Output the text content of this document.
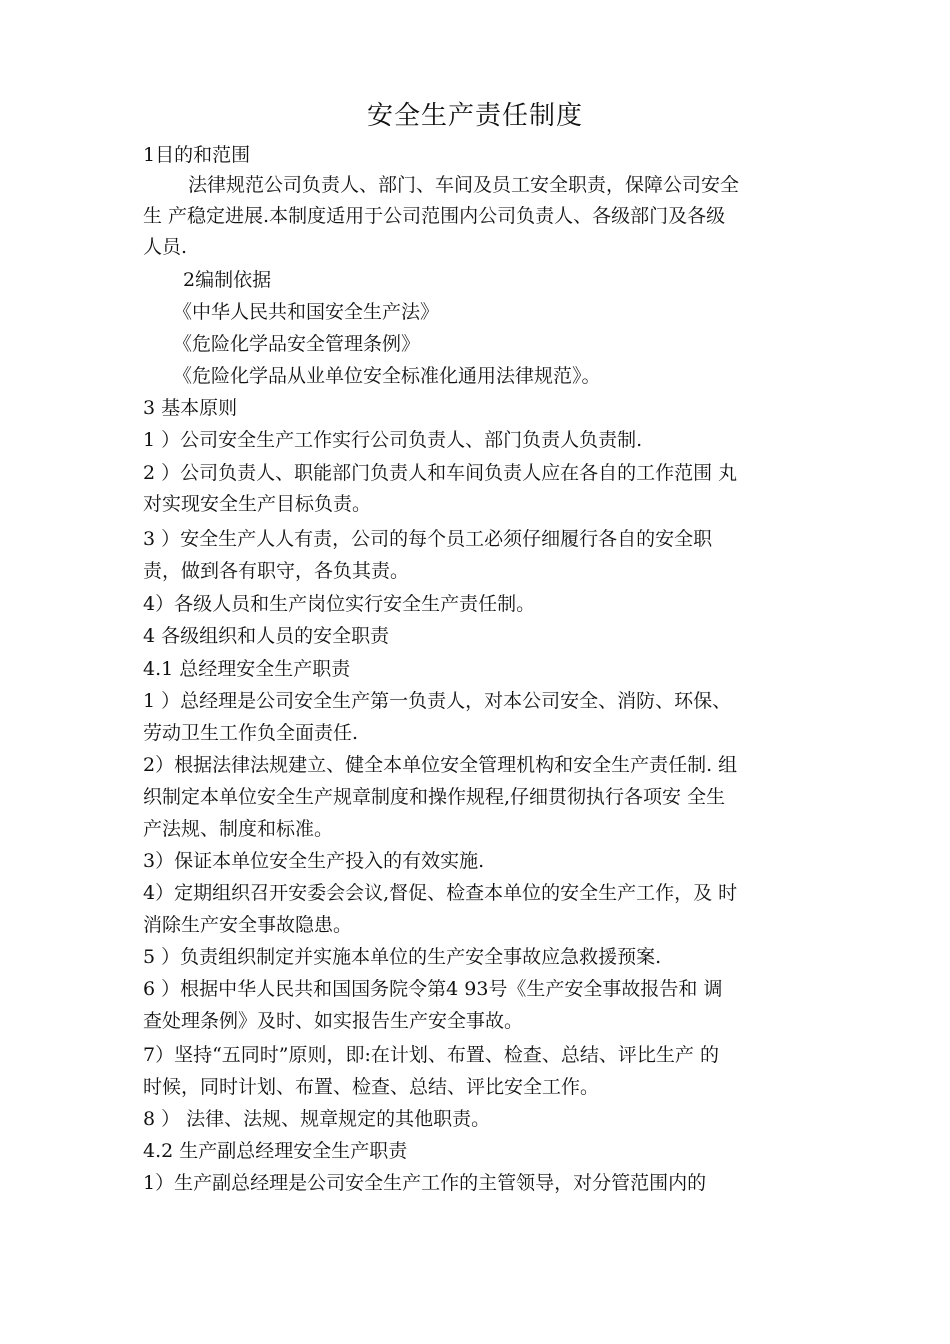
安全生产责任制度
1目的和范围
法律规范公司负责人、部门、车间及员工安全职责，保障公司安全
生 产稳定进展.本制度适用于公司范围内公司负责人、各级部门及各级
人员.
2编制依据
《中华人民共和国安全生产法》
《危险化学品安全管理条例》
《危险化学品从业单位安全标准化通用法律规范》。
3 基本原则
1 ）公司安全生产工作实行公司负责人、部门负责人负责制.
2 ）公司负责人、职能部门负责人和车间负责人应在各自的工作范围 丸
对实现安全生产目标负责。
3 ）安全生产人人有责，公司的每个员工必须仔细履行各自的安全职
责，做到各有职守，各负其责。
4）各级人员和生产岗位实行安全生产责任制。
4 各级组织和人员的安全职责
4.1 总经理安全生产职责
1 ）总经理是公司安全生产第一负责人，对本公司安全、消防、环保、
劳动卫生工作负全面责任.
2）根据法律法规建立、健全本单位安全管理机构和安全生产责任制. 组
织制定本单位安全生产规章制度和操作规程,仔细贯彻执行各项安 全生
产法规、制度和标准。
3）保证本单位安全生产投入的有效实施.
4）定期组织召开安委会会议,督促、检查本单位的安全生产工作，及 时
消除生产安全事故隐患。
5 ）负责组织制定并实施本单位的生产安全事故应急救援预案.
6 ）根据中华人民共和国国务院令第4 93号《生产安全事故报告和 调
查处理条例》及时、如实报告生产安全事故。
7）坚持“五同时”原则，即:在计划、布置、检查、总结、评比生产 的
时候，同时计划、布置、检查、总结、评比安全工作。
8 ） 法律、法规、规章规定的其他职责。
4.2 生产副总经理安全生产职责
1）生产副总经理是公司安全生产工作的主管领导，对分管范围内的
